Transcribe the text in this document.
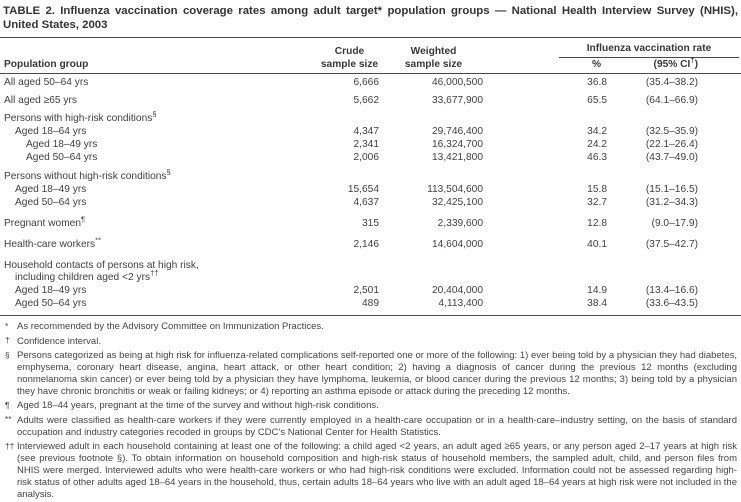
TABLE 2. Influenza vaccination coverage rates among adult target* population groups — National Health Interview Survey (NHIS), United States, 2003
Crude	Weighted	Influenza vaccination rate
Population group	sample size	sample size	%	(95% CI†)
All aged 50–64 yrs	6,666	46,000,500	36.8	(35.4–38.2)
All aged ≥65 yrs	5,662	33,677,900	65.5	(64.1–66.9)
Persons with high-risk conditions§
Aged 18–64 yrs	4,347	29,746,400	34.2	(32.5–35.9)
Aged 18–49 yrs	2,341	16,324,700	24.2	(22.1–26.4)
Aged 50–64 yrs	2,006	13,421,800	46.3	(43.7–49.0)
Persons without high-risk conditions§
Aged 18–49 yrs	15,654	113,504,600	15.8	(15.1–16.5)
Aged 50–64 yrs	4,637	32,425,100	32.7	(31.2–34.3)
Pregnant women¶	315	2,339,600	12.8	(9.0–17.9)
Health-care workers**	2,146	14,604,000	40.1	(37.5–42.7)
Household contacts of persons at high risk,
including children aged <2 yrs††
Aged 18–49 yrs	2,501	20,404,000	14.9	(13.4–16.6)
Aged 50–64 yrs	489	4,113,400	38.4	(33.6–43.5)
* As recommended by the Advisory Committee on Immunization Practices.
† Confidence interval.
§ Persons categorized as being at high risk for influenza-related complications self-reported one or more of the following: 1) ever being told by a physician they had diabetes, emphysema, coronary heart disease, angina, heart attack, or other heart condition; 2) having a diagnosis of cancer during the previous 12 months (excluding nonmelanoma skin cancer) or ever being told by a physician they have lymphoma, leukemia, or blood cancer during the previous 12 months; 3) being told by a physician they have chronic bronchitis or weak or failing kidneys; or 4) reporting an asthma episode or attack during the preceding 12 months.
¶ Aged 18–44 years, pregnant at the time of the survey and without high-risk conditions.
** Adults were classified as health-care workers if they were currently employed in a health-care occupation or in a health-care–industry setting, on the basis of standard occupation and industry categories recoded in groups by CDC’s National Center for Health Statistics.
†† Interviewed adult in each household containing at least one of the following: a child aged <2 years, an adult aged ≥65 years, or any person aged 2–17 years at high risk (see previous footnote §). To obtain information on household composition and high-risk status of household members, the sampled adult, child, and person files from NHIS were merged. Interviewed adults who were health-care workers or who had high-risk conditions were excluded. Information could not be assessed regarding high-risk status of other adults aged 18–64 years in the household, thus, certain adults 18–64 years who live with an adult aged 18–64 years at high risk were not included in the analysis.
